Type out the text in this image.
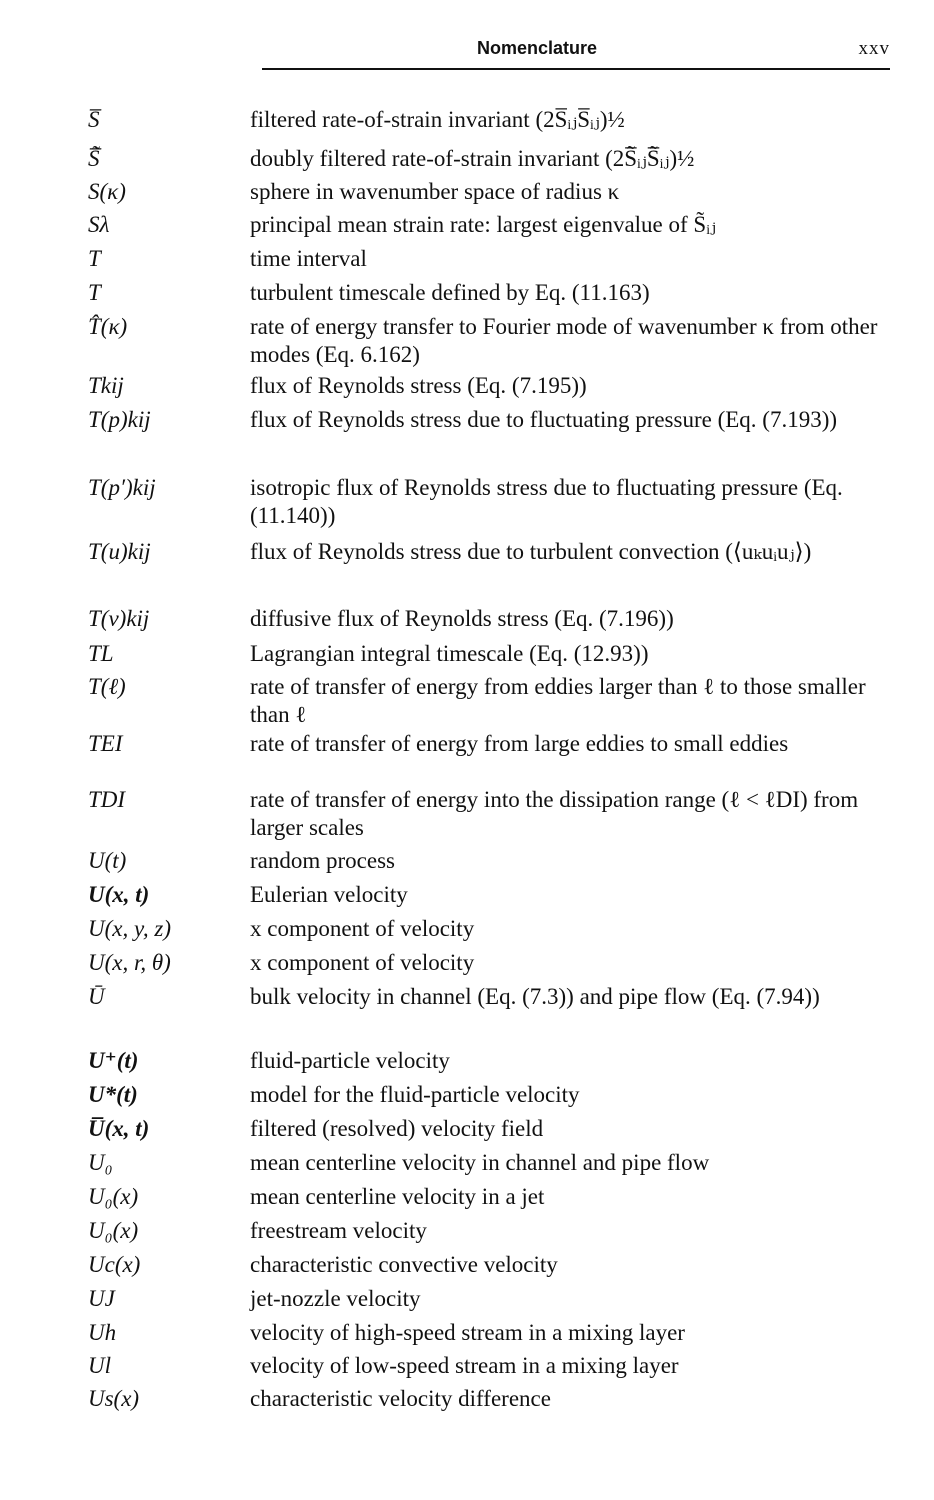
Nomenclature	xxv
S̅	filtered rate-of-strain invariant (2S̅ᵢⱼS̅ᵢⱼ)½
S̅̃	doubly filtered rate-of-strain invariant (2S̅̃ᵢⱼS̅̃ᵢⱼ)½
S(κ)	sphere in wavenumber space of radius κ
Sλ	principal mean strain rate: largest eigenvalue of S̃ᵢⱼ
T	time interval
T	turbulent timescale defined by Eq. (11.163)
T̂(κ)	rate of energy transfer to Fourier mode of wavenumber κ from other modes (Eq. 6.162)
Tkij	flux of Reynolds stress (Eq. (7.195))
T(p)kij	flux of Reynolds stress due to fluctuating pressure (Eq. (7.193))
T(p′)kij	isotropic flux of Reynolds stress due to fluctuating pressure (Eq. (11.140))
T(u)kij	flux of Reynolds stress due to turbulent convection (⟨uₖuᵢuⱼ⟩)
T(ν)kij	diffusive flux of Reynolds stress (Eq. (7.196))
TL	Lagrangian integral timescale (Eq. (12.93))
T(ℓ)	rate of transfer of energy from eddies larger than ℓ to those smaller than ℓ
TEI	rate of transfer of energy from large eddies to small eddies
TDI	rate of transfer of energy into the dissipation range (ℓ < ℓDI) from larger scales
U(t)	random process
U(x, t)	Eulerian velocity
U(x, y, z)	x component of velocity
U(x, r, θ)	x component of velocity
Ū	bulk velocity in channel (Eq. (7.3)) and pipe flow (Eq. (7.94))
U⁺(t)	fluid-particle velocity
U*(t)	model for the fluid-particle velocity
U̅(x, t)	filtered (resolved) velocity field
U₀	mean centerline velocity in channel and pipe flow
U₀(x)	mean centerline velocity in a jet
U₀(x)	freestream velocity
Uc(x)	characteristic convective velocity
UJ	jet-nozzle velocity
Uh	velocity of high-speed stream in a mixing layer
Ul	velocity of low-speed stream in a mixing layer
Us(x)	characteristic velocity difference
